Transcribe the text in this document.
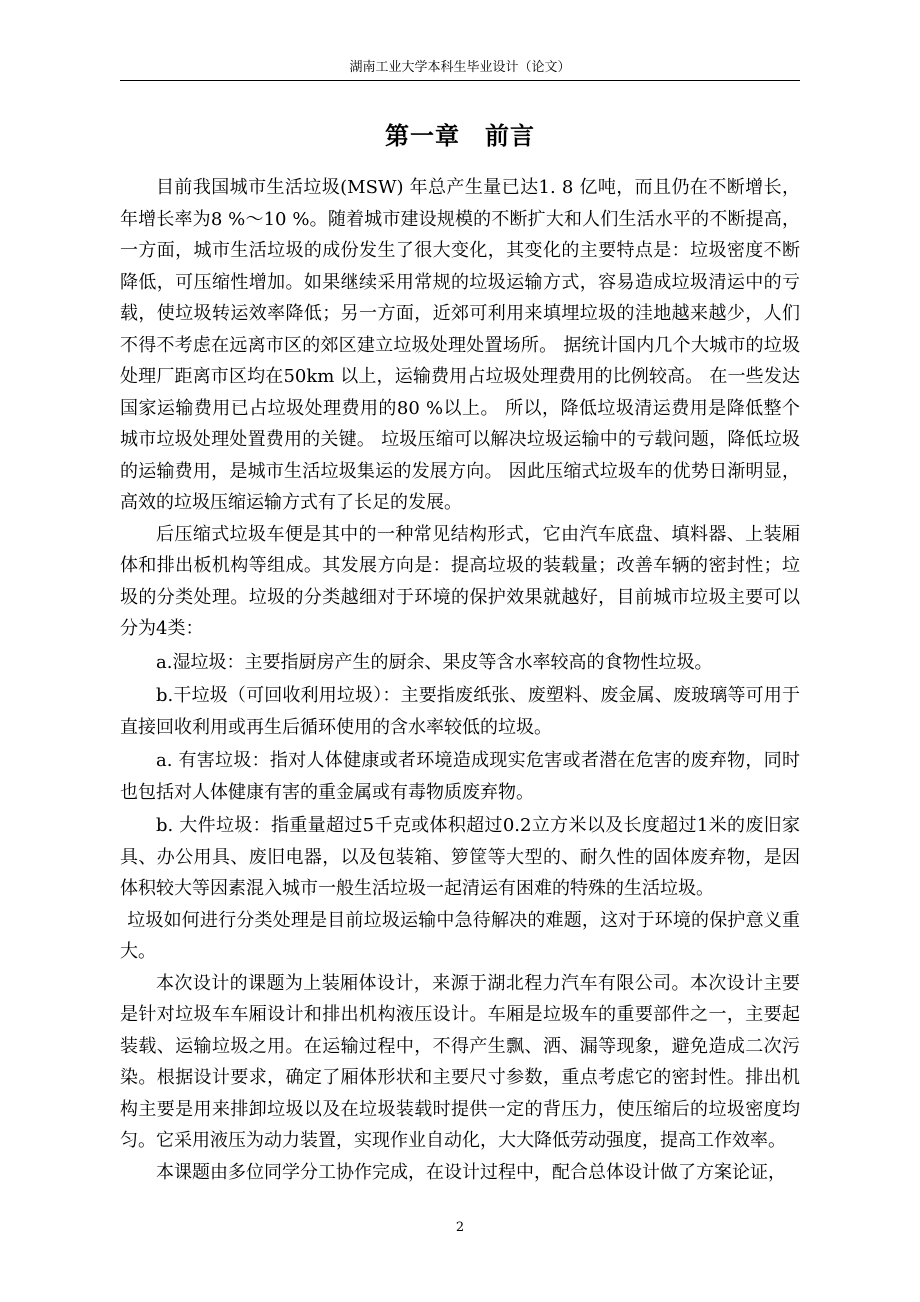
湖南工业大学本科生毕业设计（论文）
第一章　前言

目前我国城市生活垃圾(MSW) 年总产生量已达1. 8 亿吨，而且仍在不断增长，年增长率为8 %～10 %。随着城市建设规模的不断扩大和人们生活水平的不断提高，一方面，城市生活垃圾的成份发生了很大变化，其变化的主要特点是：垃圾密度不断降低，可压缩性增加。如果继续采用常规的垃圾运输方式，容易造成垃圾清运中的亏载，使垃圾转运效率降低；另一方面，近郊可利用来填埋垃圾的洼地越来越少，人们不得不考虑在远离市区的郊区建立垃圾处理处置场所。 据统计国内几个大城市的垃圾处理厂距离市区均在50km 以上，运输费用占垃圾处理费用的比例较高。 在一些发达国家运输费用已占垃圾处理费用的80 %以上。 所以，降低垃圾清运费用是降低整个城市垃圾处理处置费用的关键。 垃圾压缩可以解决垃圾运输中的亏载问题，降低垃圾的运输费用，是城市生活垃圾集运的发展方向。 因此压缩式垃圾车的优势日渐明显，高效的垃圾压缩运输方式有了长足的发展。

后压缩式垃圾车便是其中的一种常见结构形式，它由汽车底盘、填料器、上装厢体和排出板机构等组成。其发展方向是：提高垃圾的装载量；改善车辆的密封性；垃圾的分类处理。垃圾的分类越细对于环境的保护效果就越好，目前城市垃圾主要可以分为4类：

a.湿垃圾：主要指厨房产生的厨余、果皮等含水率较高的食物性垃圾。

b.干垃圾（可回收利用垃圾）：主要指废纸张、废塑料、废金属、废玻璃等可用于直接回收利用或再生后循环使用的含水率较低的垃圾。

a. 有害垃圾：指对人体健康或者环境造成现实危害或者潜在危害的废弃物，同时也包括对人体健康有害的重金属或有毒物质废弃物。

b. 大件垃圾：指重量超过5千克或体积超过0.2立方米以及长度超过1米的废旧家具、办公用具、废旧电器，以及包装箱、箩筐等大型的、耐久性的固体废弃物，是因体积较大等因素混入城市一般生活垃圾一起清运有困难的特殊的生活垃圾。

垃圾如何进行分类处理是目前垃圾运输中急待解决的难题，这对于环境的保护意义重大。

本次设计的课题为上装厢体设计，来源于湖北程力汽车有限公司。本次设计主要是针对垃圾车车厢设计和排出机构液压设计。车厢是垃圾车的重要部件之一，主要起装载、运输垃圾之用。在运输过程中，不得产生飘、洒、漏等现象，避免造成二次污染。根据设计要求，确定了厢体形状和主要尺寸参数，重点考虑它的密封性。排出机构主要是用来排卸垃圾以及在垃圾装载时提供一定的背压力，使压缩后的垃圾密度均匀。它采用液压为动力装置，实现作业自动化，大大降低劳动强度，提高工作效率。

本课题由多位同学分工协作完成，在设计过程中，配合总体设计做了方案论证，

2
